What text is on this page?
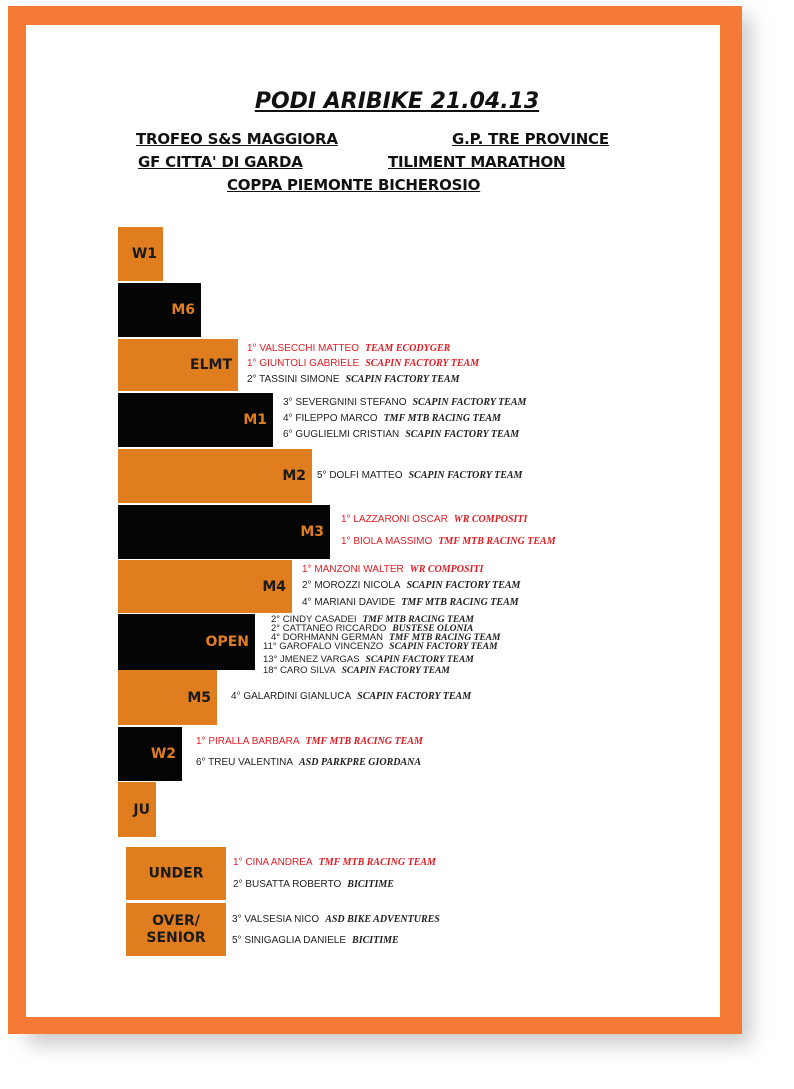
PODI ARIBIKE 21.04.13
TROFEO S&S MAGGIORA	G.P. TRE PROVINCE
GF CITTA' DI GARDA	TILIMENT MARATHON
COPPA PIEMONTE BICHEROSIO
W1
M6
ELMT
M1
M2
M3
M4
OPEN
M5
W2
JU
UNDER
OVER/
SENIOR
1° VALSECCHI MATTEO TEAM ECODYGER
1° GIUNTOLI GABRIELE SCAPIN FACTORY TEAM
2° TASSINI SIMONE SCAPIN FACTORY TEAM
3° SEVERGNINI STEFANO SCAPIN FACTORY TEAM
4° FILEPPO MARCO TMF MTB RACING TEAM
6° GUGLIELMI CRISTIAN SCAPIN FACTORY TEAM
5° DOLFI MATTEO SCAPIN FACTORY TEAM
1° LAZZARONI OSCAR WR COMPOSITI
1° BIOLA MASSIMO TMF MTB RACING TEAM
1° MANZONI WALTER WR COMPOSITI
2° MOROZZI NICOLA SCAPIN FACTORY TEAM
4° MARIANI DAVIDE TMF MTB RACING TEAM
2° CINDY CASADEI TMF MTB RACING TEAM
2° CATTANEO RICCARDO BUSTESE OLONIA
4° DORHMANN GERMAN TMF MTB RACING TEAM
11° GAROFALO VINCENZO SCAPIN FACTORY TEAM
13° JMENEZ VARGAS SCAPIN FACTORY TEAM
18° CARO SILVA SCAPIN FACTORY TEAM
4° GALARDINI GIANLUCA SCAPIN FACTORY TEAM
1° PIRALLA BARBARA TMF MTB RACING TEAM
6° TREU VALENTINA ASD PARKPRE GIORDANA
1° CINA ANDREA TMF MTB RACING TEAM
2° BUSATTA ROBERTO BICITIME
3° VALSESIA NICO ASD BIKE ADVENTURES
5° SINIGAGLIA DANIELE BICITIME
